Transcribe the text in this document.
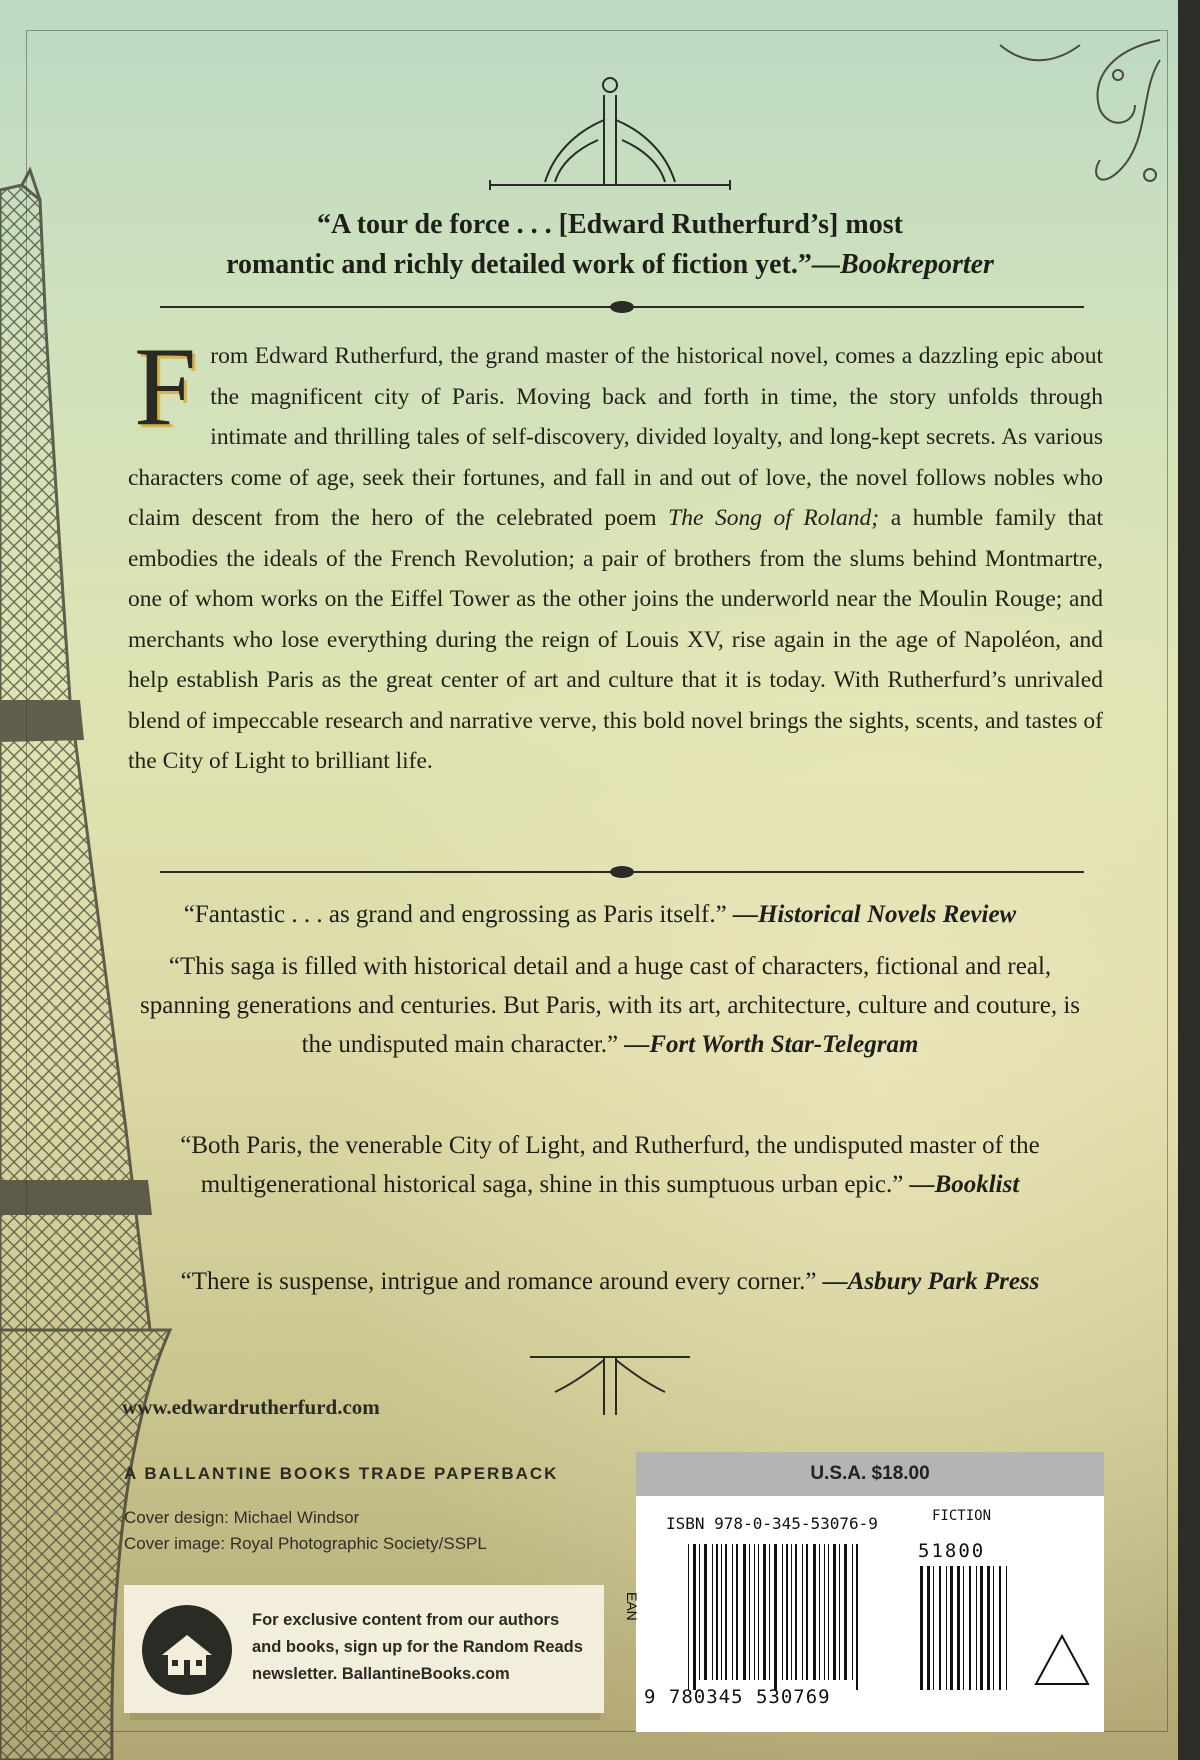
“A tour de force . . . [Edward Rutherfurd’s] most
romantic and richly detailed work of fiction yet.”—Bookreporter
From Edward Rutherfurd, the grand master of the historical novel, comes a dazzling epic about the magnificent city of Paris. Moving back and forth in time, the story unfolds through intimate and thrilling tales of self-discovery, divided loyalty, and long-kept secrets. As various characters come of age, seek their fortunes, and fall in and out of love, the novel follows nobles who claim descent from the hero of the celebrated poem The Song of Roland; a humble family that embodies the ideals of the French Revolution; a pair of brothers from the slums behind Montmartre, one of whom works on the Eiffel Tower as the other joins the underworld near the Moulin Rouge; and merchants who lose everything during the reign of Louis XV, rise again in the age of Napoléon, and help establish Paris as the great center of art and culture that it is today. With Rutherfurd’s unrivaled blend of impeccable research and narrative verve, this bold novel brings the sights, scents, and tastes of the City of Light to brilliant life.
“Fantastic . . . as grand and engrossing as Paris itself.” —Historical Novels Review
“This saga is filled with historical detail and a huge cast of characters, fictional and real, spanning generations and centuries. But Paris, with its art, architecture, culture and couture, is the undisputed main character.” —Fort Worth Star-Telegram
“Both Paris, the venerable City of Light, and Rutherfurd, the undisputed master of the multigenerational historical saga, shine in this sumptuous urban epic.” —Booklist
“There is suspense, intrigue and romance around every corner.” —Asbury Park Press
www.edwardrutherfurd.com
A BALLANTINE BOOKS TRADE PAPERBACK
Cover design: Michael Windsor
Cover image: Royal Photographic Society/SSPL
For exclusive content from our authors and books, sign up for the Random Reads newsletter. BallantineBooks.com
U.S.A. $18.00
ISBN 978-0-345-53076-9	FICTION
EAN
9 780345 530769
51800
